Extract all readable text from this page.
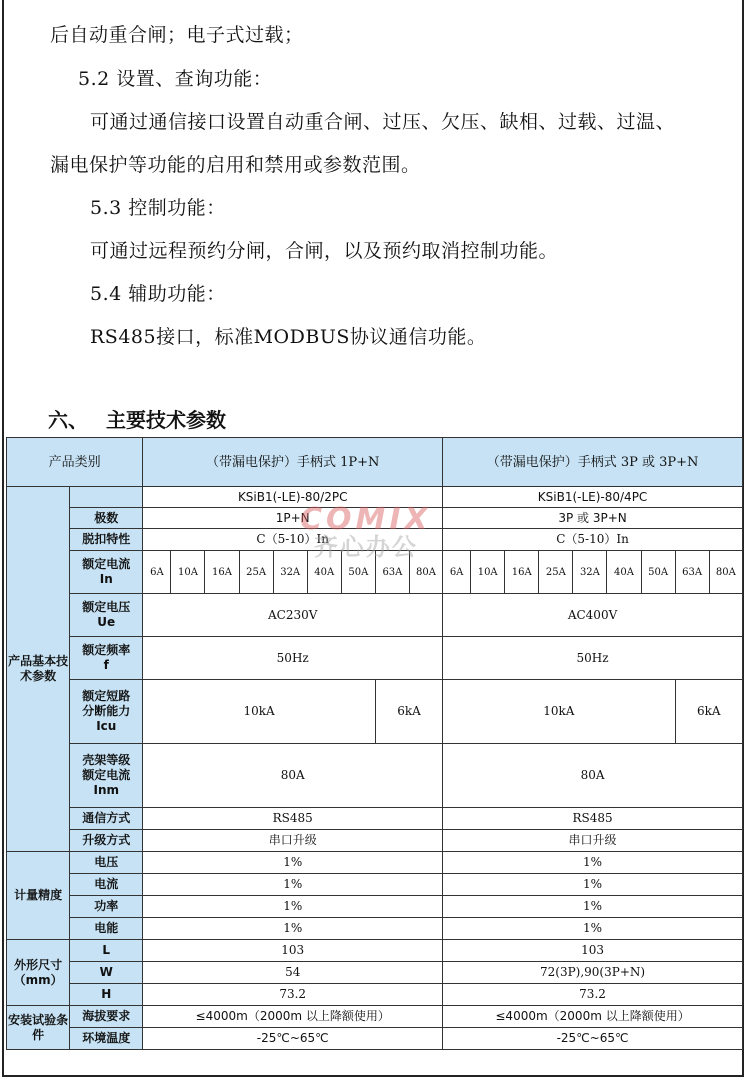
后自动重合闸；电子式过载；
5.2 设置、查询功能：
可通过通信接口设置自动重合闸、过压、欠压、缺相、过载、过温、
漏电保护等功能的启用和禁用或参数范围。
5.3 控制功能：
可通过远程预约分闸，合闸，以及预约取消控制功能。
5.4 辅助功能：
RS485接口，标准MODBUS协议通信功能。
六、 主要技术参数
产品类别		（带漏电保护）手柄式 1P+N									（带漏电保护）手柄式 3P 或 3P+N								
产品基本技术参数		KSiB1(-LE)-80/2PC									KSiB1(-LE)-80/4PC								
	极数	1P+N									3P 或 3P+N								
	脱扣特性	C（5-10）In									C（5-10）In								
	额定电流
In	6A	10A	16A	25A	32A	40A	50A	63A	80A	6A	10A	16A	25A	32A	40A	50A	63A	80A
	额定电压
Ue	AC230V									AC400V								
	额定频率
f	50Hz									50Hz								
	额定短路
分断能力
Icu	10kA							6kA		10kA							6kA	
	壳架等级
额定电流
Inm	80A									80A								
	通信方式	RS485									RS485								
	升级方式	串口升级									串口升级								
计量精度	电压	1%									1%								
	电流	1%									1%								
	功率	1%									1%								
	电能	1%									1%								
外形尺寸（mm）	L	103									103								
	W	54									72(3P),90(3P+N)								
	H	73.2									73.2								
安装试验条件	海拔要求	≤4000m（2000m 以上降额使用）									≤4000m（2000m 以上降额使用）								
	环境温度	-25℃~65℃									-25℃~65℃								
COMIX
齐心办公
